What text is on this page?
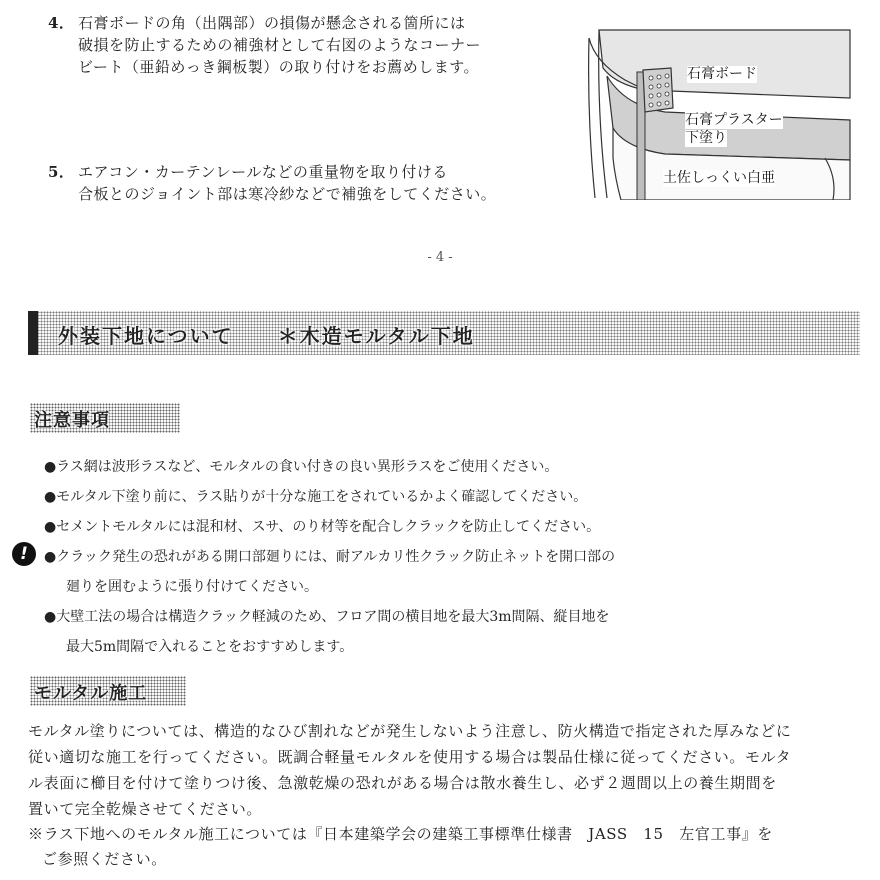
4． 石膏ボードの角（出隅部）の損傷が懸念される箇所には
破損を防止するための補強材として右図のようなコーナー
ビート（亜鉛めっき鋼板製）の取り付けをお薦めします。
5． エアコン・カーテンレールなどの重量物を取り付ける
合板とのジョイント部は寒冷紗などで補強をしてください。
石膏ボード
石膏プラスター
下塗り
土佐しっくい白亜
- 4 -
外装下地について　　＊木造モルタル下地
注意事項
!
●ラス網は波形ラスなど、モルタルの食い付きの良い異形ラスをご使用ください。
●モルタル下塗り前に、ラス貼りが十分な施工をされているかよく確認してください。
●セメントモルタルには混和材、スサ、のり材等を配合しクラックを防止してください。
●クラック発生の恐れがある開口部廻りには、耐アルカリ性クラック防止ネットを開口部の
廻りを囲むように張り付けてください。
●大壁工法の場合は構造クラック軽減のため、フロア間の横目地を最大3m間隔、縦目地を
最大5m間隔で入れることをおすすめします。
モルタル施工
モルタル塗りについては、構造的なひび割れなどが発生しないよう注意し、防火構造で指定された厚みなどに
従い適切な施工を行ってください。既調合軽量モルタルを使用する場合は製品仕様に従ってください。モルタ
ル表面に櫛目を付けて塗りつけ後、急激乾燥の恐れがある場合は散水養生し、必ず２週間以上の養生期間を
置いて完全乾燥させてください。
※ラス下地へのモルタル施工については『日本建築学会の建築工事標準仕様書　JASS　15　左官工事』を
ご参照ください。
